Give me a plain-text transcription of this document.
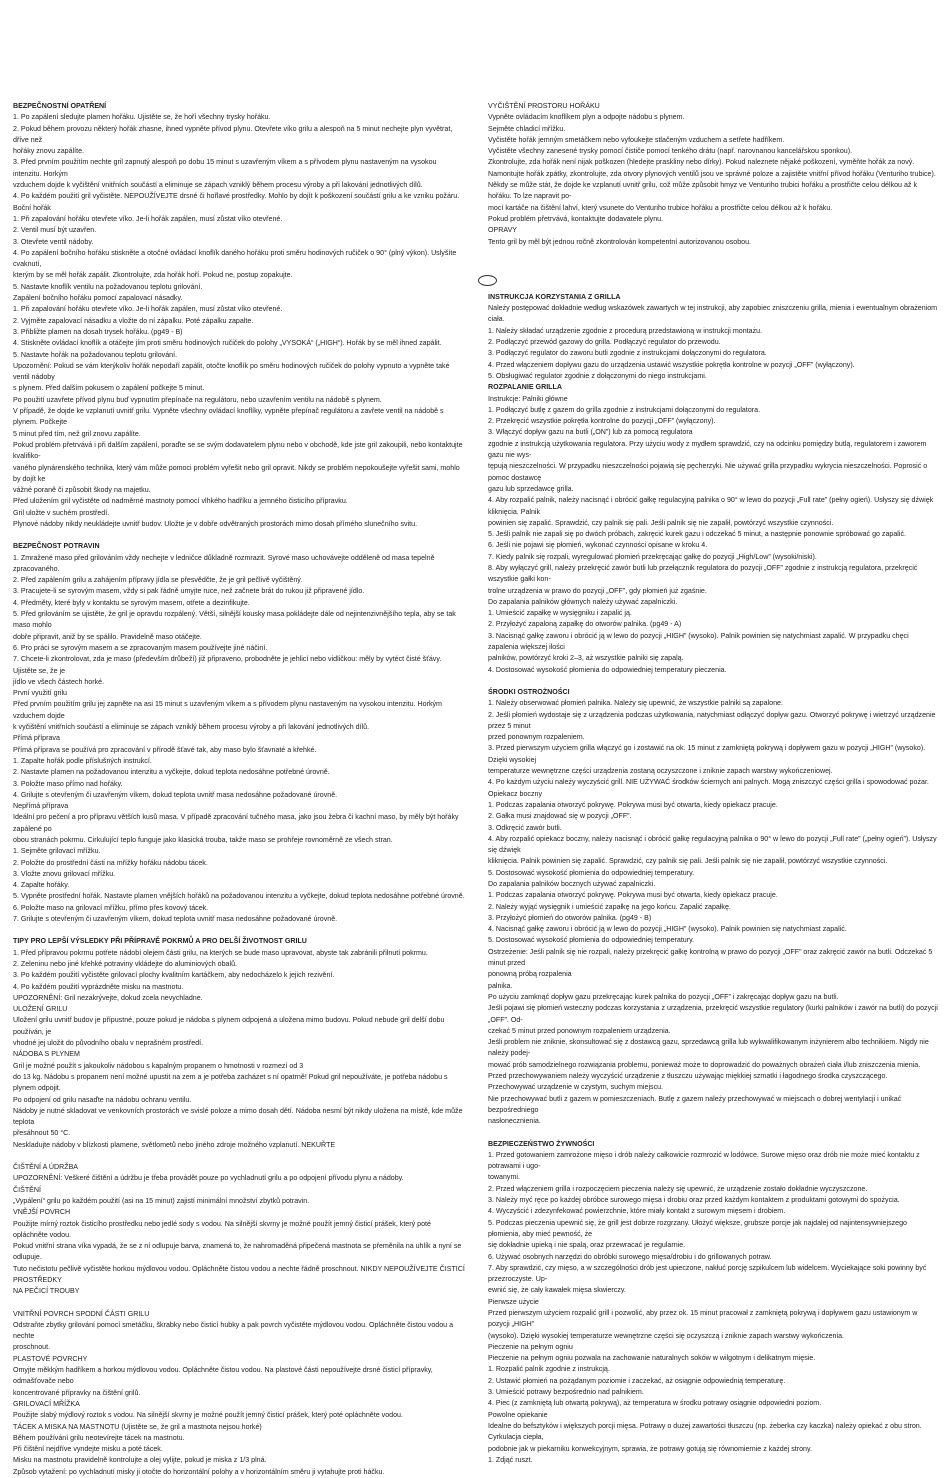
BEZPEČNOSTNÍ OPATŘENÍ

1. Po zapálení sledujte plamen hořáku. Ujistěte se, že hoří všechny trysky hořáku.

2. Pokud během provozu některý hořák zhasne, ihned vypněte přívod plynu. Otevřete víko grilu a alespoň na 5 minut nechejte plyn vyvětrat, dříve než

hořáky znovu zapálíte.

3. Před prvním použitím nechte gril zapnutý alespoň po dobu 15 minut s uzavřeným víkem a s přívodem plynu nastaveným na vysokou intenzitu. Horkým

vzduchem dojde k vyčištění vnitřních součástí a eliminuje se zápach vzniklý během procesu výroby a při lakování jednotlivých dílů.

4. Po každém použití gril vyčistěte. NEPOUŽÍVEJTE drsné či hořlavé prostředky. Mohlo by dojít k poškození součástí grilu a ke vzniku požáru.

Boční hořák

1. Při zapalování hořáku otevřete víko. Je-li hořák zapálen, musí zůstat víko otevřené.

2. Ventil musí být uzavřen.

3. Otevřete ventil nádoby.

4. Po zapálení bočního hořáku stiskněte a otočné ovládací knoflík daného hořáku proti směru hodinových ručiček o 90° (plný výkon). Uslyšíte cvaknutí,

kterým by se měl hořák zapálit. Zkontrolujte, zda hořák hoří. Pokud ne, postup zopakujte.

5. Nastavte knoflík ventilu na požadovanou teplotu grilování.

Zapálení bočního hořáku pomocí zapalovací násadky.

1. Při zapalování hořáku otevřete víko. Je-li hořák zapálen, musí zůstat víko otevřené.

2. Vyjměte zapalovací násadku a vložte do ní zápalku. Poté zápalku zapalte.

3. Přibližte plamen na dosah trysek hořáku. (pg49 - B)

4. Stiskněte ovládací knoflík a otáčejte jím proti směru hodinových ručiček do polohy „VYSOKÁ“ („HIGH“). Hořák by se měl ihned zapálit.

5. Nastavte hořák na požadovanou teplotu grilování.

Upozornění: Pokud se vám kterýkoliv hořák nepodaří zapálit, otočte knoflík po směru hodinových ručiček do polohy vypnuto a vypněte také ventil nádoby

s plynem. Před dalším pokusem o zapálení počkejte 5 minut.

Po použití uzavřete přívod plynu buď vypnutím přepínače na regulátoru, nebo uzavřením ventilu na nádobě s plynem.

V případě, že dojde ke vzplanutí uvnitř grilu. Vypněte všechny ovládací knoflíky, vypněte přepínač regulátoru a zavřete ventil na nádobě s plynem. Počkejte

5 minut před tím, než gril znovu zapálíte.

Pokud problém přetrvává i při dalším zapálení, poraďte se se svým dodavatelem plynu nebo v obchodě, kde jste gril zakoupili, nebo kontaktujte kvalifiko-

vaného plynárenského technika, který vám může pomoci problém vyřešit nebo gril opravit. Nikdy se problém nepokoušejte vyřešit sami, mohlo by dojít ke

vážné poraně či způsobit škody na majetku.

Před uložením gril vyčistěte od nadměrné mastnoty pomocí vlhkého hadříku a jemného čisticího přípravku.

Gril uložte v suchém prostředí.

Plynové nádoby nikdy neukládejte uvnitř budov. Uložte je v dobře odvětraných prostorách mimo dosah přímého slunečního svitu.

BEZPEČNOST POTRAVIN

1. Zmražené maso před grilováním vždy nechejte v ledničce důkladně rozmrazit. Syrové maso uchovávejte odděleně od masa tepelně zpracovaného.

2. Před zapálením grilu a zahájením přípravy jídla se přesvědčte, že je gril pečlivě vyčištěný.

3. Pracujete-li se syrovým masem, vždy si pak řádně umyjte ruce, než začnete brát do rukou již připravené jídlo.

4. Předměty, které byly v kontaktu se syrovým masem, otřete a dezinfikujte.

5. Před grilováním se ujistěte, že gril je opravdu rozpálený. Větší, silnější kousky masa pokládejte dále od nejintenzivnějšího tepla, aby se tak maso mohlo

dobře připravit, aniž by se spálilo. Pravidelně maso otáčejte.

6. Pro práci se syrovým masem a se zpracovaným masem používejte jiné náčiní.

7. Chcete-li zkontrolovat, zda je maso (především drůbeží) již připraveno, probodněte je jehlicí nebo vidličkou: měly by vytéct čisté šťávy. Ujistěte se, že je

jídlo ve všech částech horké.

První využití grilu

Před prvním použitím grilu jej zapněte na asi 15 minut s uzavřeným víkem a s přívodem plynu nastaveným na vysokou intenzitu. Horkým vzduchem dojde

k vyčištění vnitřních součástí a eliminuje se zápach vzniklý během procesu výroby a při lakování jednotlivých dílů.

Přímá příprava

Přímá příprava se používá pro zpracování v přírodě šťavé tak, aby maso bylo šťavnaté a křehké.

1. Zapalte hořák podle příslušných instrukcí.

2. Nastavte plamen na požadovanou intenzitu a vyčkejte, dokud teplota nedosáhne potřebné úrovně.

3. Položte maso přímo nad hořáky.

4. Grilujte s otevřeným či uzavřeným víkem, dokud teplota uvnitř masa nedosáhne požadované úrovně.

Nepřímá příprava

Ideální pro pečení a pro přípravu větších kusů masa. V případě zpracování tučného masa, jako jsou žebra či kachní maso, by měly být hořáky zapálené po

obou stranách pokrmu. Cirkulující teplo funguje jako klasická trouba, takže maso se prohřeje rovnoměrně ze všech stran.

1. Sejměte grilovací mřížku.

2. Položte do prostřední části na mřížky hořáku nádobu tácek.

3. Vložte znovu grilovací mřížku.

4. Zapalte hořáky.

5. Vypněte prostřední hořák. Nastavte plamen vnějších hořáků na požadovanou intenzitu a vyčkejte, dokud teplota nedosáhne potřebné úrovně.

6. Položte maso na grilovací mřížku, přímo přes kovový tácek.

7. Grilujte s otevřeným či uzavřeným víkem, dokud teplota uvnitř masa nedosáhne požadované úrovně.

TIPY PRO LEPŠÍ VÝSLEDKY PŘI PŘÍPRAVĚ POKRMŮ A PRO DELŠÍ ŽIVOTNOST GRILU

1. Před přípravou pokrmu potřete nádobí olejem části grilu, na kterých se bude maso upravovat, abyste tak zabránili přilnutí pokrmu.

2. Zeleninu nebo jiné křehké potraviny vkládejte do aluminiových obalů.

3. Po každém použití vyčistěte grilovací plochy kvalitním kartáčkem, aby nedocházelo k jejich rezivění.

4. Po každém použití vyprázdněte misku na mastnotu.

UPOZORNĚNÍ: Gril nezakrývejte, dokud zcela nevychladne.

ULOŽENÍ GRILU

Uložení grilu uvnitř budov je přípustné, pouze pokud je nádoba s plynem odpojená a uložena mimo budovu. Pokud nebude gril delší dobu používán, je

vhodné jej uložit do původního obalu v neprašném prostředí.

NÁDOBA S PLYNEM

Gril je možné použít s jakoukoliv nádobou s kapalným propanem o hmotnosti v rozmezí od 3

do 13 kg. Nádobu s propanem není možné upustit na zem a je potřeba zacházet s ní opatrně! Pokud gril nepoužíváte, je potřeba nádobu s plynem odpojit.

Po odpojení od grilu nasaďte na nádobu ochranu ventilu.

Nádoby je nutné skladovat ve venkovních prostorách ve svislé poloze a mimo dosah dětí. Nádoba nesmí být nikdy uložena na místě, kde může teplota

přesáhnout 50 °C.

Neskladujte nádoby v blízkosti plamene, světlometů nebo jiného zdroje možného vzplanutí. NEKUŘTE

ČIŠTĚNÍ A ÚDRŽBA

UPOZORNĚNÍ: Veškeré čištění a údržbu je třeba provádět pouze po vychladnutí grilu a po odpojení přívodu plynu a nádoby.

ČIŠTĚNÍ

„Vypálení“ grilu po každém použití (asi na 15 minut) zajistí minimální množství zbytků potravin.

VNĚJŠÍ POVRCH

Použijte mírný roztok čisticího prostředku nebo jedlé sody s vodou. Na silnější skvrny je možné použít jemný čisticí prášek, který poté opláchněte vodou.

Pokud vnitřní strana víka vypadá, že se z ní odlupuje barva, znamená to, že nahromaděná připečená mastnota se přeměnila na uhlík a nyní se odlupuje.

Tuto nečistotu pečlivě vyčistěte horkou mýdlovou vodou. Opláchněte čistou vodou a nechte řádně proschnout. NIKDY NEPOUŽÍVEJTE ČISTICÍ PROSTŘEDKY

NA PEČICÍ TROUBY

VNITŘNÍ POVRCH SPODNÍ ČÁSTI GRILU

Odstraňte zbytky grilování pomocí smetáčku, škrabky nebo čisticí hubky a pak povrch vyčistěte mýdlovou vodou. Opláchněte čistou vodou a nechte

proschnout.

PLASTOVÉ POVRCHY

Omyjte měkkým hadříkem a horkou mýdlovou vodou. Opláchněte čistou vodou. Na plastové části nepoužívejte drsné čisticí přípravky, odmašťovače nebo

koncentrované přípravky na čištění grilů.

GRILOVACÍ MŘÍŽKA

Použijte slabý mýdlový roztok s vodou. Na silnější skvrny je možné použít jemný čisticí prášek, který poté opláchněte vodou.

TÁCEK A MISKA NA MASTNOTU (Ujistěte se, že gril a mastnota nejsou horké)

Během používání grilu neotevírejte tácek na mastnotu.

Při čištění nejdříve vyndejte misku a poté tácek.

Misku na mastnotu pravidelně kontrolujte a olej vylijte, pokud je miska z 1/3 plná.

Způsob vytažení: po vychladnutí misky ji otočte do horizontální polohy a v horizontálním směru ji vytahujte proti háčku.

VYČIŠTĚNÍ PROSTORU HOŘÁKU

Vypněte ovládacím knoflíkem plyn a odpojte nádobu s plynem.

Sejměte chladicí mřížku.

Vyčistěte hořák jemným smetáčkem nebo vyfoukejte stlačeným vzduchem a setřete hadříkem.

Vyčistěte všechny zanesené trysky pomocí čističe pomocí tenkého drátu (např. narovnanou kancelářskou sponkou).

Zkontrolujte, zda hořák není nijak poškozen (hledejte praskliny nebo dírky). Pokud naleznete nějaké poškození, vyměňte hořák za nový.

Namontujte hořák zpátky, zkontrolujte, zda otvory plynových ventilů jsou ve správné poloze a zajistěte vnitřní přívod hořáku (Venturiho trubice).

Někdy se může stát, že dojde ke vzplanutí uvnitř grilu, což může způsobit hmyz ve Venturiho trubici hořáku a prostřičte celou délkou až k hořáku. To lze napravit po-

mocí kartáče na čištění lahví, který vsunete do Venturiho trubice hořáku a prostřičte celou délkou až k hořáku.

Pokud problém přetrvává, kontaktujte dodavatele plynu.

OPRAVY

Tento gril by měl být jednou ročně zkontrolován kompetentní autorizovanou osobou.

INSTRUKCJA KORZYSTANIA Z GRILLA

Należy postępować dokładnie według wskazówek zawartych w tej instrukcji, aby zapobiec zniszczeniu grilla, mienia i ewentualnym obrażeniom ciała.

1. Należy składać urządzenie zgodnie z procedurą przedstawioną w instrukcji montażu.

2. Podłączyć przewód gazowy do grilla. Podłączyć regulator do przewodu.

3. Podłączyć regulator do zaworu butli zgodnie z instrukcjami dołączonymi do regulatora.

4. Przed włączeniem dopływu gazu do urządzenia ustawić wszystkie pokrętła kontrolne w pozycji „OFF” (wyłączony).

5. Obsługiwać regulator zgodnie z dołączonymi do niego instrukcjami.

ROZPALANIE GRILLA

Instrukcje: Palniki główne

1. Podłączyć butlę z gazem do grilla zgodnie z instrukcjami dołączonymi do regulatora.

2. Przekręcić wszystkie pokrętła kontrolne do pozycji „OFF” (wyłączony).

3. Włączyć dopływ gazu na butli („ON”) lub za pomocą regulatora

zgodnie z instrukcją użytkowania regulatora. Przy użyciu wody z mydłem sprawdzić, czy na odcinku pomiędzy butlą, regulatorem i zaworem gazu nie wys-

tępują nieszczelności. W przypadku nieszczelności pojawią się pęcherzyki. Nie używać grilla przypadku wykrycia nieszczelności. Poprosić o pomoc dostawcę

gazu lub sprzedawcę grilla.

4. Aby rozpalić palnik, należy nacisnąć i obrócić gałkę regulacyjną palnika o 90° w lewo do pozycji „Full rate” (pełny ogień). Usłyszy się dźwięk kliknięcia. Palnik

powinien się zapalić. Sprawdzić, czy palnik się pali. Jeśli palnik się nie zapalił, powtórzyć wszystkie czynności.

5. Jeśli palnik nie zapali się po dwóch próbach, zakręcić kurek gazu i odczekać 5 minut, a następnie ponownie spróbować go zapalić.

6. Jeśli nie pojawi się płomień, wykonać czynności opisane w kroku 4.

7. Kiedy palnik się rozpali, wyregulować płomień przekręcając gałkę do pozycji „High/Low” (wysoki/niski).

8. Aby wyłączyć grill, należy przekręcić zawór butli lub przełącznik regulatora do pozycji „OFF” zgodnie z instrukcją regulatora, przekręcić wszystkie gałki kon-

trolne urządzenia w prawo do pozycji „OFF”, gdy płomień już zgaśnie.

Do zapalania palników głównych należy używać zapalniczki.

1. Umieścić zapałkę w wysięgniku i zapalić ją.

2. Przyłożyć zapaloną zapałkę do otworów palnika. (pg49 - A)

3. Nacisnąć gałkę zaworu i obrócić ją w lewo do pozycji „HIGH” (wysoko). Palnik powinien się natychmiast zapalić. W przypadku chęci zapalenia większej ilości

palników, powtórzyć kroki 2–3, aż wszystkie palniki się zapalą.

4. Dostosować wysokość płomienia do odpowiedniej temperatury pieczenia.

ŚRODKI OSTROŻNOŚCI

1. Należy obserwować płomień palnika. Należy się upewnić, że wszystkie palniki są zapalone.

2. Jeśli płomień wydostaje się z urządzenia podczas użytkowania, natychmiast odłączyć dopływ gazu. Otworzyć pokrywę i wietrzyć urządzenie przez 5 minut

przed ponownym rozpaleniem.

3. Przed pierwszym użyciem grilla włączyć go i zostawić na ok. 15 minut z zamkniętą pokrywą i dopływem gazu w pozycji „HIGH” (wysoko). Dzięki wysokiej

temperaturze wewnętrzne części urządzenia zostaną oczyszczone i zniknie zapach warstwy wykończeniowej.

4. Po każdym użyciu należy wyczyścić grill. NIE UŻYWAĆ środków ściernych ani palnych. Mogą zniszczyć części grilla i spowodować pożar.

Opiekacz boczny

1. Podczas zapalania otworzyć pokrywę. Pokrywa musi być otwarta, kiedy opiekacz pracuje.

2. Gałka musi znajdować się w pozycji „OFF”.

3. Odkręcić zawór butli.

4. Aby rozpalić opiekacz boczny, należy nacisnąć i obrócić gałkę regulacyjną palnika o 90° w lewo do pozycji „Full rate” („pełny ogień”). Usłyszy się dźwięk

kliknięcia. Palnik powinien się zapalić. Sprawdzić, czy palnik się pali. Jeśli palnik się nie zapalił, powtórzyć wszystkie czynności.

5. Dostosować wysokość płomienia do odpowiedniej temperatury.

Do zapalania palników bocznych używać zapalniczki.

1. Podczas zapalania otworzyć pokrywę. Pokrywa musi być otwarta, kiedy opiekacz pracuje.

2. Należy wyjąć wysięgnik i umieścić zapałkę na jego końcu. Zapalić zapałkę.

3. Przyłożyć płomień do otworów palnika. (pg49 - B)

4. Nacisnąć gałkę zaworu i obrócić ją w lewo do pozycji „HIGH” (wysoko). Palnik powinien się natychmiast zapalić.

5. Dostosować wysokość płomienia do odpowiedniej temperatury.

Ostrzeżenie: Jeśli palnik się nie rozpali, należy przekręcić gałkę kontrolną w prawo do pozycji „OFF” oraz zakręcić zawór na butli. Odczekać 5 minut przed

ponowną próbą rozpalenia

palnika.

Po użyciu zamknąć dopływ gazu przekręcając kurek palnika do pozycji „OFF” i zakręcając dopływ gazu na butli.

Jeśli pojawi się płomień wsteczny podczas korzystania z urządzenia, przekręcić wszystkie regulatory (kurki palników i zawór na butli) do pozycji „OFF”. Od-

czekać 5 minut przed ponownym rozpaleniem urządzenia.

Jeśli problem nie zniknie, skonsultować się z dostawcą gazu, sprzedawcą grilla lub wykwalifikowanym inżynierem albo technikiem. Nigdy nie należy podej-

mować prób samodzielnego rozwiązania problemu, ponieważ może to doprowadzić do poważnych obrażeń ciała i/lub zniszczenia mienia.

Przed przechowywaniem należy wyczyścić urządzenie z tłuszczu używając miękkiej szmatki i łagodnego środka czyszczącego.

Przechowywać urządzenie w czystym, suchym miejscu.

Nie przechowywać butli z gazem w pomieszczeniach. Butlę z gazem należy przechowywać w miejscach o dobrej wentylacji i unikać bezpośredniego

nasłonecznienia.

BEZPIECZEŃSTWO ŻYWNOŚCI

1. Przed gotowaniem zamrożone mięso i drób należy całkowicie rozmrozić w lodówce. Surowe mięso oraz drób nie może mieć kontaktu z potrawami i ugo-

towanymi.

2. Przed włączeniem grilla i rozpoczęciem pieczenia należy się upewnić, że urządzenie zostało dokładnie wyczyszczone.

3. Należy myć ręce po każdej obróbce surowego mięsa i drobiu oraz przed każdym kontaktem z produktami gotowymi do spożycia.

4. Wyczyścić i zdezynfekować powierzchnie, które miały kontakt z surowym mięsem i drobiem.

5. Podczas pieczenia upewnić się, że grill jest dobrze rozgrzany. Ułożyć większe, grubsze porcje jak najdalej od najintensywniejszego płomienia, aby mieć pewność, że

się dokładnie upieką i nie spalą, oraz przewracać je regularnie.

6. Używać osobnych narzędzi do obróbki surowego mięsa/drobiu i do grillowanych potraw.

7. Aby sprawdzić, czy mięso, a w szczególności drób jest upieczone, nakłuć porcję szpikulcem lub widelcem. Wyciekające soki powinny być przezroczyste. Up-

ewnić się, że cały kawałek mięsa skwierczy.

Pierwsze użycie

Przed pierwszym użyciem rozpalić grill i pozwolić, aby przez ok. 15 minut pracował z zamkniętą pokrywą i dopływem gazu ustawionym w pozycji „HIGH”

(wysoko). Dzięki wysokiej temperaturze wewnętrzne części się oczyszczą i zniknie zapach warstwy wykończenia.

Pieczenie na pełnym ogniu

Pieczenie na pełnym ogniu pozwala na zachowanie naturalnych soków w wilgotnym i delikatnym mięsie.

1. Rozpalić palnik zgodnie z instrukcją.

2. Ustawić płomień na pożądanym poziomie i zaczekać, aż osiągnie odpowiednią temperaturę.

3. Umieścić potrawy bezpośrednio nad palnikiem.

4. Piec (z zamkniętą lub otwartą pokrywą), aż temperatura w środku potrawy osiągnie odpowiedni poziom.

Powolne opiekanie

Idealne do befsztyków i większych porcji mięsa. Potrawy o dużej zawartości tłuszczu (np. żeberka czy kaczka) należy opiekać z obu stron. Cyrkulacja ciepła,

podobnie jak w piekarniku konwekcyjnym, sprawia, że potrawy gotują się równomiernie z każdej strony.

1. Zdjąć ruszt.
